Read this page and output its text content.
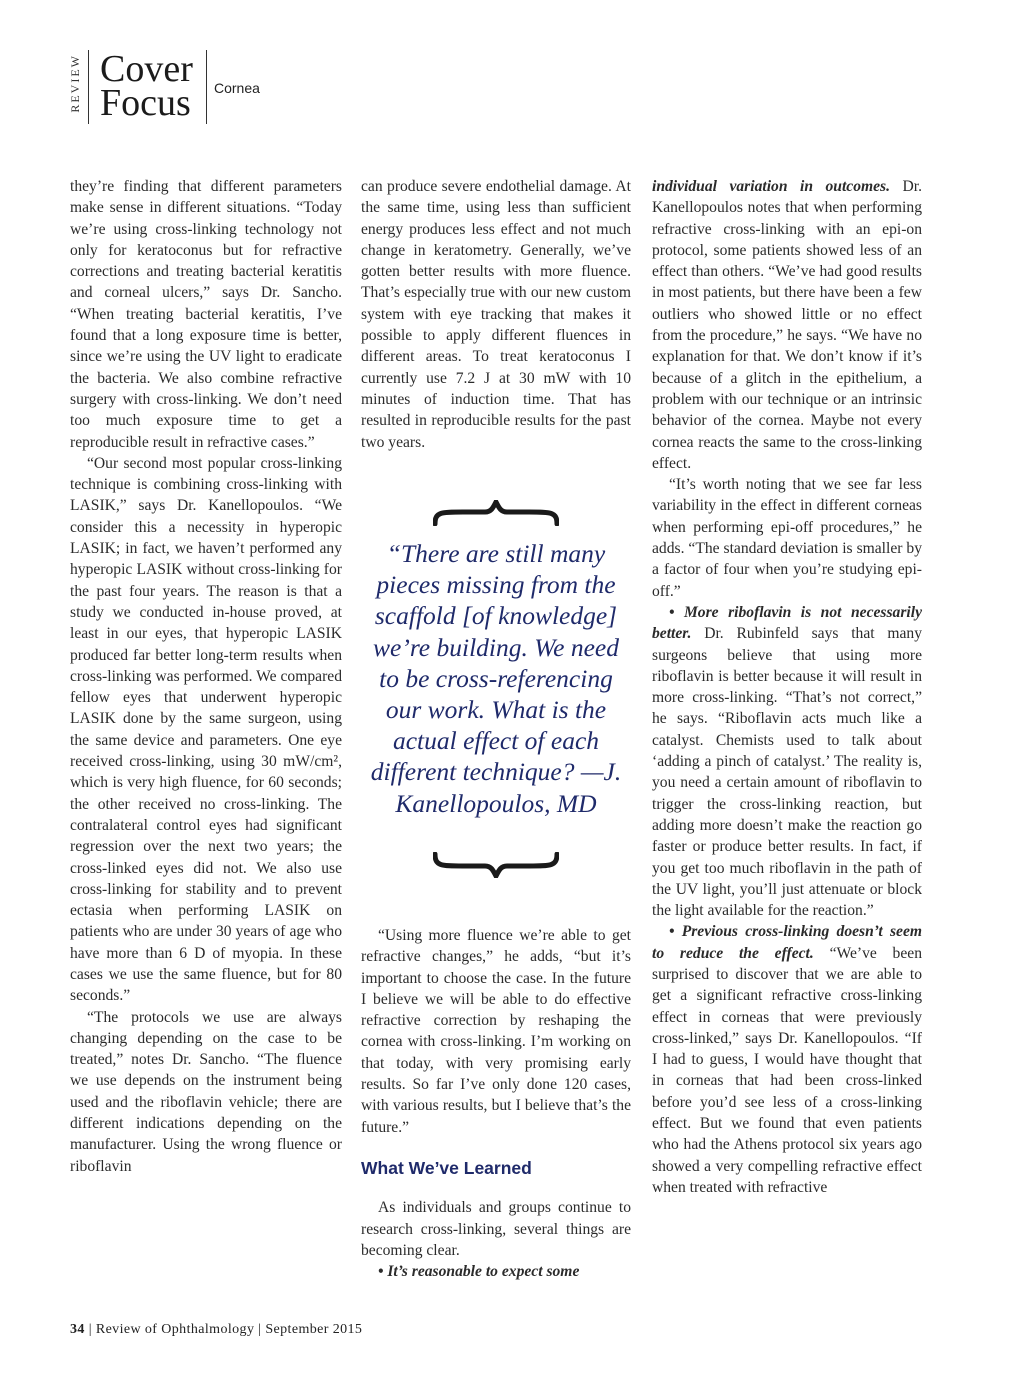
REVIEW Cover
Focus Cornea

they’re finding that different parameters make sense in different situations. “Today we’re using cross-linking technology not only for keratoconus but for refractive corrections and treating bacterial keratitis and corneal ulcers,” says Dr. Sancho. “When treating bacterial keratitis, I’ve found that a long exposure time is better, since we’re using the UV light to eradicate the bacteria. We also combine refractive surgery with cross-linking. We don’t need too much exposure time to get a reproducible result in refractive cases.”

“Our second most popular cross-linking technique is combining cross-linking with LASIK,” says Dr. Kanellopoulos. “We consider this a necessity in hyperopic LASIK; in fact, we haven’t performed any hyperopic LASIK without cross-linking for the past four years. The reason is that a study we conducted in-house proved, at least in our eyes, that hyperopic LASIK produced far better long-term results when cross-linking was performed. We compared fellow eyes that underwent hyperopic LASIK done by the same surgeon, using the same device and parameters. One eye received cross-linking, using 30 mW/cm², which is very high fluence, for 60 seconds; the other received no cross-linking. The contralateral control eyes had significant regression over the next two years; the cross-linked eyes did not. We also use cross-linking for stability and to prevent ectasia when performing LASIK on patients who are under 30 years of age who have more than 6 D of myopia. In these cases we use the same fluence, but for 80 seconds.”

“The protocols we use are always changing depending on the case to be treated,” notes Dr. Sancho. “The fluence we use depends on the instrument being used and the riboflavin vehicle; there are different indications depending on the manufacturer. Using the wrong fluence or riboflavin

can produce severe endothelial damage. At the same time, using less than sufficient energy produces less effect and not much change in keratometry. Generally, we’ve gotten better results with more fluence. That’s especially true with our new custom system with eye tracking that makes it possible to apply different fluences in different areas. To treat keratoconus I currently use 7.2 J at 30 mW with 10 minutes of induction time. That has resulted in reproducible results for the past two years.

“There are still many pieces missing from the scaffold [of knowledge] we’re building. We need to be cross-referencing our work. What is the actual effect of each different technique? —J. Kanellopoulos, MD

“Using more fluence we’re able to get refractive changes,” he adds, “but it’s important to choose the case. In the future I believe we will be able to do effective refractive correction by reshaping the cornea with cross-linking. I’m working on that today, with very promising early results. So far I’ve only done 120 cases, with various results, but I believe that’s the future.”

What We’ve Learned

As individuals and groups continue to research cross-linking, several things are becoming clear.

• It’s reasonable to expect some

individual variation in outcomes. Dr. Kanellopoulos notes that when performing refractive cross-linking with an epi-on protocol, some patients showed less of an effect than others. “We’ve had good results in most patients, but there have been a few outliers who showed little or no effect from the procedure,” he says. “We have no explanation for that. We don’t know if it’s because of a glitch in the epithelium, a problem with our technique or an intrinsic behavior of the cornea. Maybe not every cornea reacts the same to the cross-linking effect.

“It’s worth noting that we see far less variability in the effect in different corneas when performing epi-off procedures,” he adds. “The standard deviation is smaller by a factor of four when you’re studying epi-off.”

• More riboflavin is not necessarily better. Dr. Rubinfeld says that many surgeons believe that using more riboflavin is better because it will result in more cross-linking. “That’s not correct,” he says. “Riboflavin acts much like a catalyst. Chemists used to talk about ‘adding a pinch of catalyst.’ The reality is, you need a certain amount of riboflavin to trigger the cross-linking reaction, but adding more doesn’t make the reaction go faster or produce better results. In fact, if you get too much riboflavin in the path of the UV light, you’ll just attenuate or block the light available for the reaction.”

• Previous cross-linking doesn’t seem to reduce the effect. “We’ve been surprised to discover that we are able to get a significant refractive cross-linking effect in corneas that were previously cross-linked,” says Dr. Kanellopoulos. “If I had to guess, I would have thought that in corneas that had been cross-linked before you’d see less of a cross-linking effect. But we found that even patients who had the Athens protocol six years ago showed a very compelling refractive effect when treated with refractive

34 | Review of Ophthalmology | September 2015
